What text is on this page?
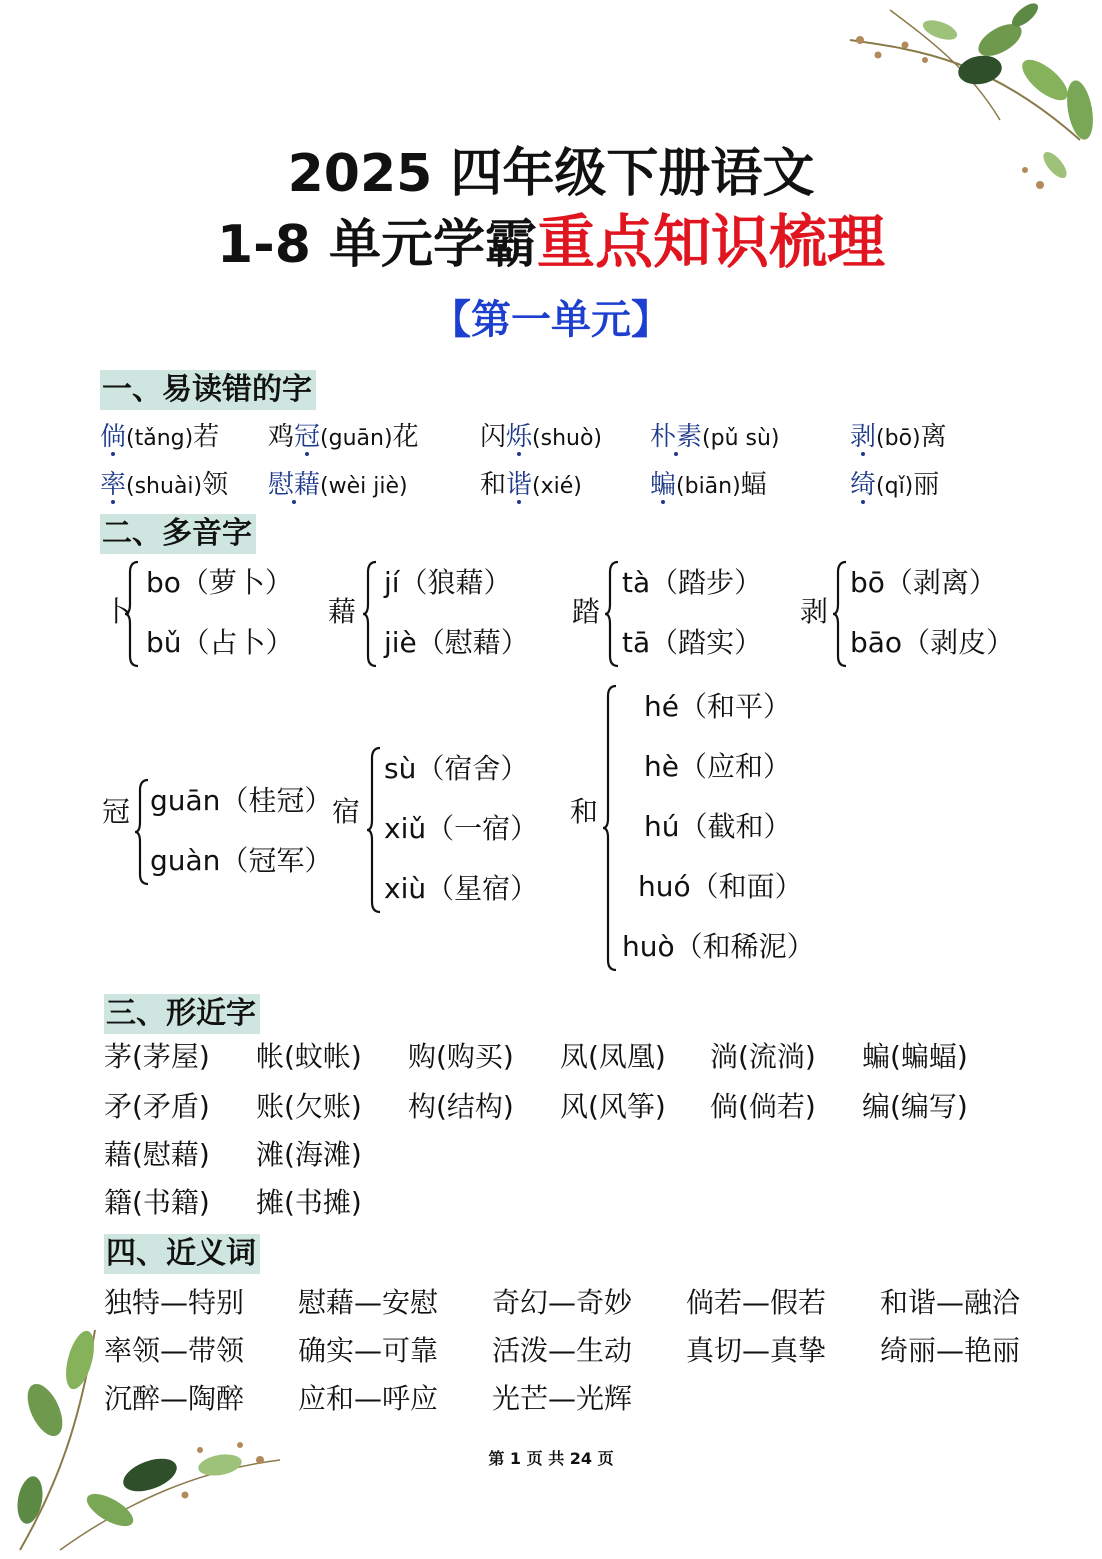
2025 四年级下册语文
1-8 单元学霸重点知识梳理
【第一单元】
一、易读错的字
二、多音字
三、形近字
四、近义词
第 1 页 共 24 页
倘(tǎng)若 鸡冠(guān)花 闪烁(shuò) 朴素(pǔ sù)	剥(bō)离
率(shuài)领 慰藉(wèi jiè)	和谐(xié)	蝙(biān)蝠	绮(qǐ)丽
卜
bo（萝卜）
bǔ（占卜）
藉
jí（狼藉）
jiè（慰藉）
踏
tà（踏步）
tā（踏实）
剥
bō（剥离）
bāo（剥皮）
冠 guān（桂冠）
guàn（冠军）
宿
sù（宿舍）
xiǔ（一宿）
xiù（星宿）
和
hé（和平）
hè（应和）
hú（截和）
huó（和面）
huò（和稀泥）
茅(茅屋) 帐(蚊帐) 购(购买) 凤(凤凰) 淌(流淌) 蝙(蝙蝠)
矛(矛盾) 账(欠账) 构(结构) 风(风筝) 倘(倘若) 编(编写)
藉(慰藉) 滩(海滩)
籍(书籍) 摊(书摊)
独特—特别 慰藉—安慰 奇幻—奇妙 倘若—假若 和谐—融洽
率领—带领 确实—可靠 活泼—生动 真切—真挚 绮丽—艳丽
沉醉—陶醉 应和—呼应 光芒—光辉
